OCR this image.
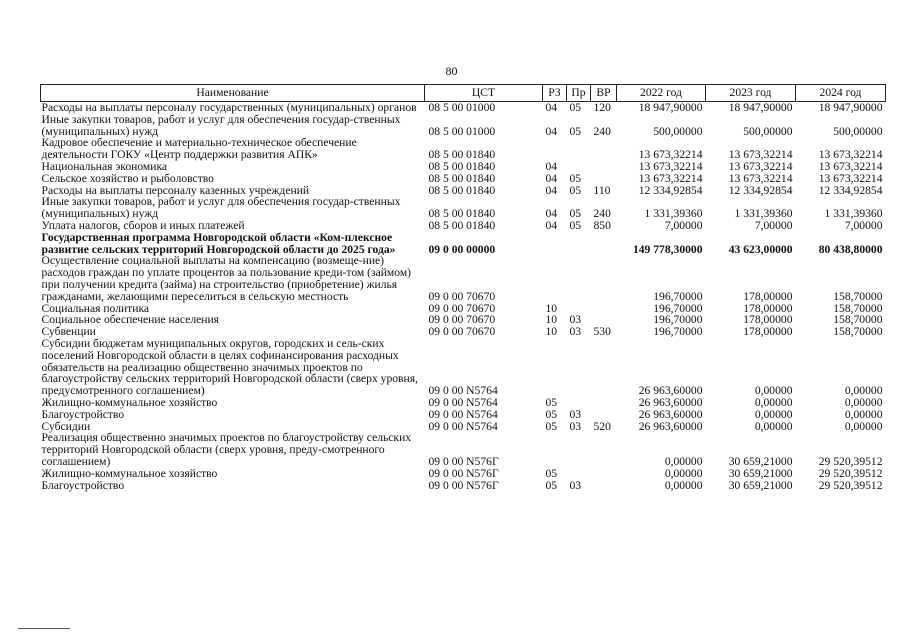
80
Наименование	ЦСТ	РЗ	Пр	ВР	2022 год	2023 год	2024 год
Расходы на выплаты персоналу государственных (муниципальных) органов	08 5 00 01000	04	05	120	18 947,90000	18 947,90000	18 947,90000
Иные закупки товаров, работ и услуг для обеспечения государ-ственных (муниципальных) нужд	08 5 00 01000	04	05	240	500,00000	500,00000	500,00000
Кадровое обеспечение и материально-техническое обеспечение деятельности ГОКУ «Центр поддержки развития АПК»	08 5 00 01840				13 673,32214	13 673,32214	13 673,32214
Национальная экономика	08 5 00 01840	04			13 673,32214	13 673,32214	13 673,32214
Сельское хозяйство и рыболовство	08 5 00 01840	04	05		13 673,32214	13 673,32214	13 673,32214
Расходы на выплаты персоналу казенных учреждений	08 5 00 01840	04	05	110	12 334,92854	12 334,92854	12 334,92854
Иные закупки товаров, работ и услуг для обеспечения государ-ственных (муниципальных) нужд	08 5 00 01840	04	05	240	1 331,39360	1 331,39360	1 331,39360
Уплата налогов, сборов и иных платежей	08 5 00 01840	04	05	850	7,00000	7,00000	7,00000
Государственная программа Новгородской области «Ком-плексное развитие сельских территорий Новгородской области до 2025 года»	09 0 00 00000				149 778,30000	43 623,00000	80 438,80000
Осуществление социальной выплаты на компенсацию (возмеще-ние) расходов граждан по уплате процентов за пользование креди-том (займом) при получении кредита (займа) на строительство (приобретение) жилья гражданами, желающими переселиться в сельскую местность	09 0 00 70670				196,70000	178,00000	158,70000
Социальная политика	09 0 00 70670	10			196,70000	178,00000	158,70000
Социальное обеспечение населения	09 0 00 70670	10	03		196,70000	178,00000	158,70000
Субвенции	09 0 00 70670	10	03	530	196,70000	178,00000	158,70000
Субсидии бюджетам муниципальных округов, городских и сель-ских поселений Новгородской области в целях софинансирования расходных обязательств на реализацию общественно значимых проектов по благоустройству сельских территорий Новгородской области (сверх уровня, предусмотренного соглашением)	09 0 00 N5764				26 963,60000	0,00000	0,00000
Жилищно-коммунальное хозяйство	09 0 00 N5764	05			26 963,60000	0,00000	0,00000
Благоустройство	09 0 00 N5764	05	03		26 963,60000	0,00000	0,00000
Субсидии	09 0 00 N5764	05	03	520	26 963,60000	0,00000	0,00000
Реализация общественно значимых проектов по благоустройству сельских территорий Новгородской области (сверх уровня, преду-смотренного соглашением)	09 0 00 N576Г				0,00000	30 659,21000	29 520,39512
Жилищно-коммунальное хозяйство	09 0 00 N576Г	05			0,00000	30 659,21000	29 520,39512
Благоустройство	09 0 00 N576Г	05	03		0,00000	30 659,21000	29 520,39512
